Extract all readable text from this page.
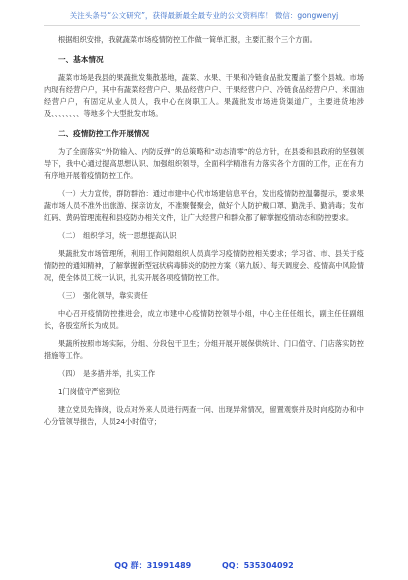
关注头条号“公文研究”，获得最新最全最专业的公文资料库！ 微信：gongwenyj

根据组织安排，我就蔬菜市场疫情防控工作做一简单汇报，主要汇报个三个方面。

一、基本情况

蔬菜市场是我县的果蔬批发集散基地，蔬菜、水果、干果和冷链食品批发覆盖了整个县城。市场内现有经营户户，其中有蔬菜经营户户、果品经营户户、干果经营户户、冷链食品经营户户、米面油经营户户，有固定从业人员人，我中心在岗职工人。果蔬批发市场进货渠道广，主要进货地涉及、、、、、、、、等地多个大型批发市场。

二、疫情防控工作开展情况

为了全面落实“外防输入、内防反弹”的总策略和“动态清零”的总方针，在县委和县政府的坚强领导下，我中心通过提高思想认识、加强组织领导，全面科学精准有力落实各个方面的工作，正在有力有序地开展着疫情防控工作。

（一）大力宣传，群防群治：通过市建中心代市场建信息平台，发出疫情防控温馨提示，要求果蔬市场人员不准外出旅游、探亲访友，不准聚餐聚会，做好个人防护戴口罩、勤洗手、勤消毒；发布红码、黄码管理流程和县疫防办相关文件，让广大经营户和群众都了解掌握疫情动态和防控要求。

（二）　组织学习，统一思想提高认识

果蔬批发市场管理所，利用工作间隙组织人员真学习疫情防控相关要求；学习省、市、县关于疫情防控的通知精神，了解掌握新型冠状病毒肺炎的防控方案（第九版）、每天调度会、疫情高中风险情况，使全体员工统一认识，扎实开展各项疫情防控工作。

（三）　强化领导，靠实责任

中心召开疫情防控推进会，成立市建中心疫情防控领导小组，中心主任任组长，副主任任副组长，各股室所长为成员。

果蔬所按照市场实际，分组、分段包干卫生；分组开展开展保供统计、门口值守、门店落实防控措施等工作。

（四）　是多措并举，扎实工作

1门岗值守严密到位

建立党员先锋岗，设点对外来人员进行两查一问、出现异常情况，留置观察并及时向疫防办和中心分管领导报告，人员24小时值守；

QQ 群：31991489	QQ：535304092
